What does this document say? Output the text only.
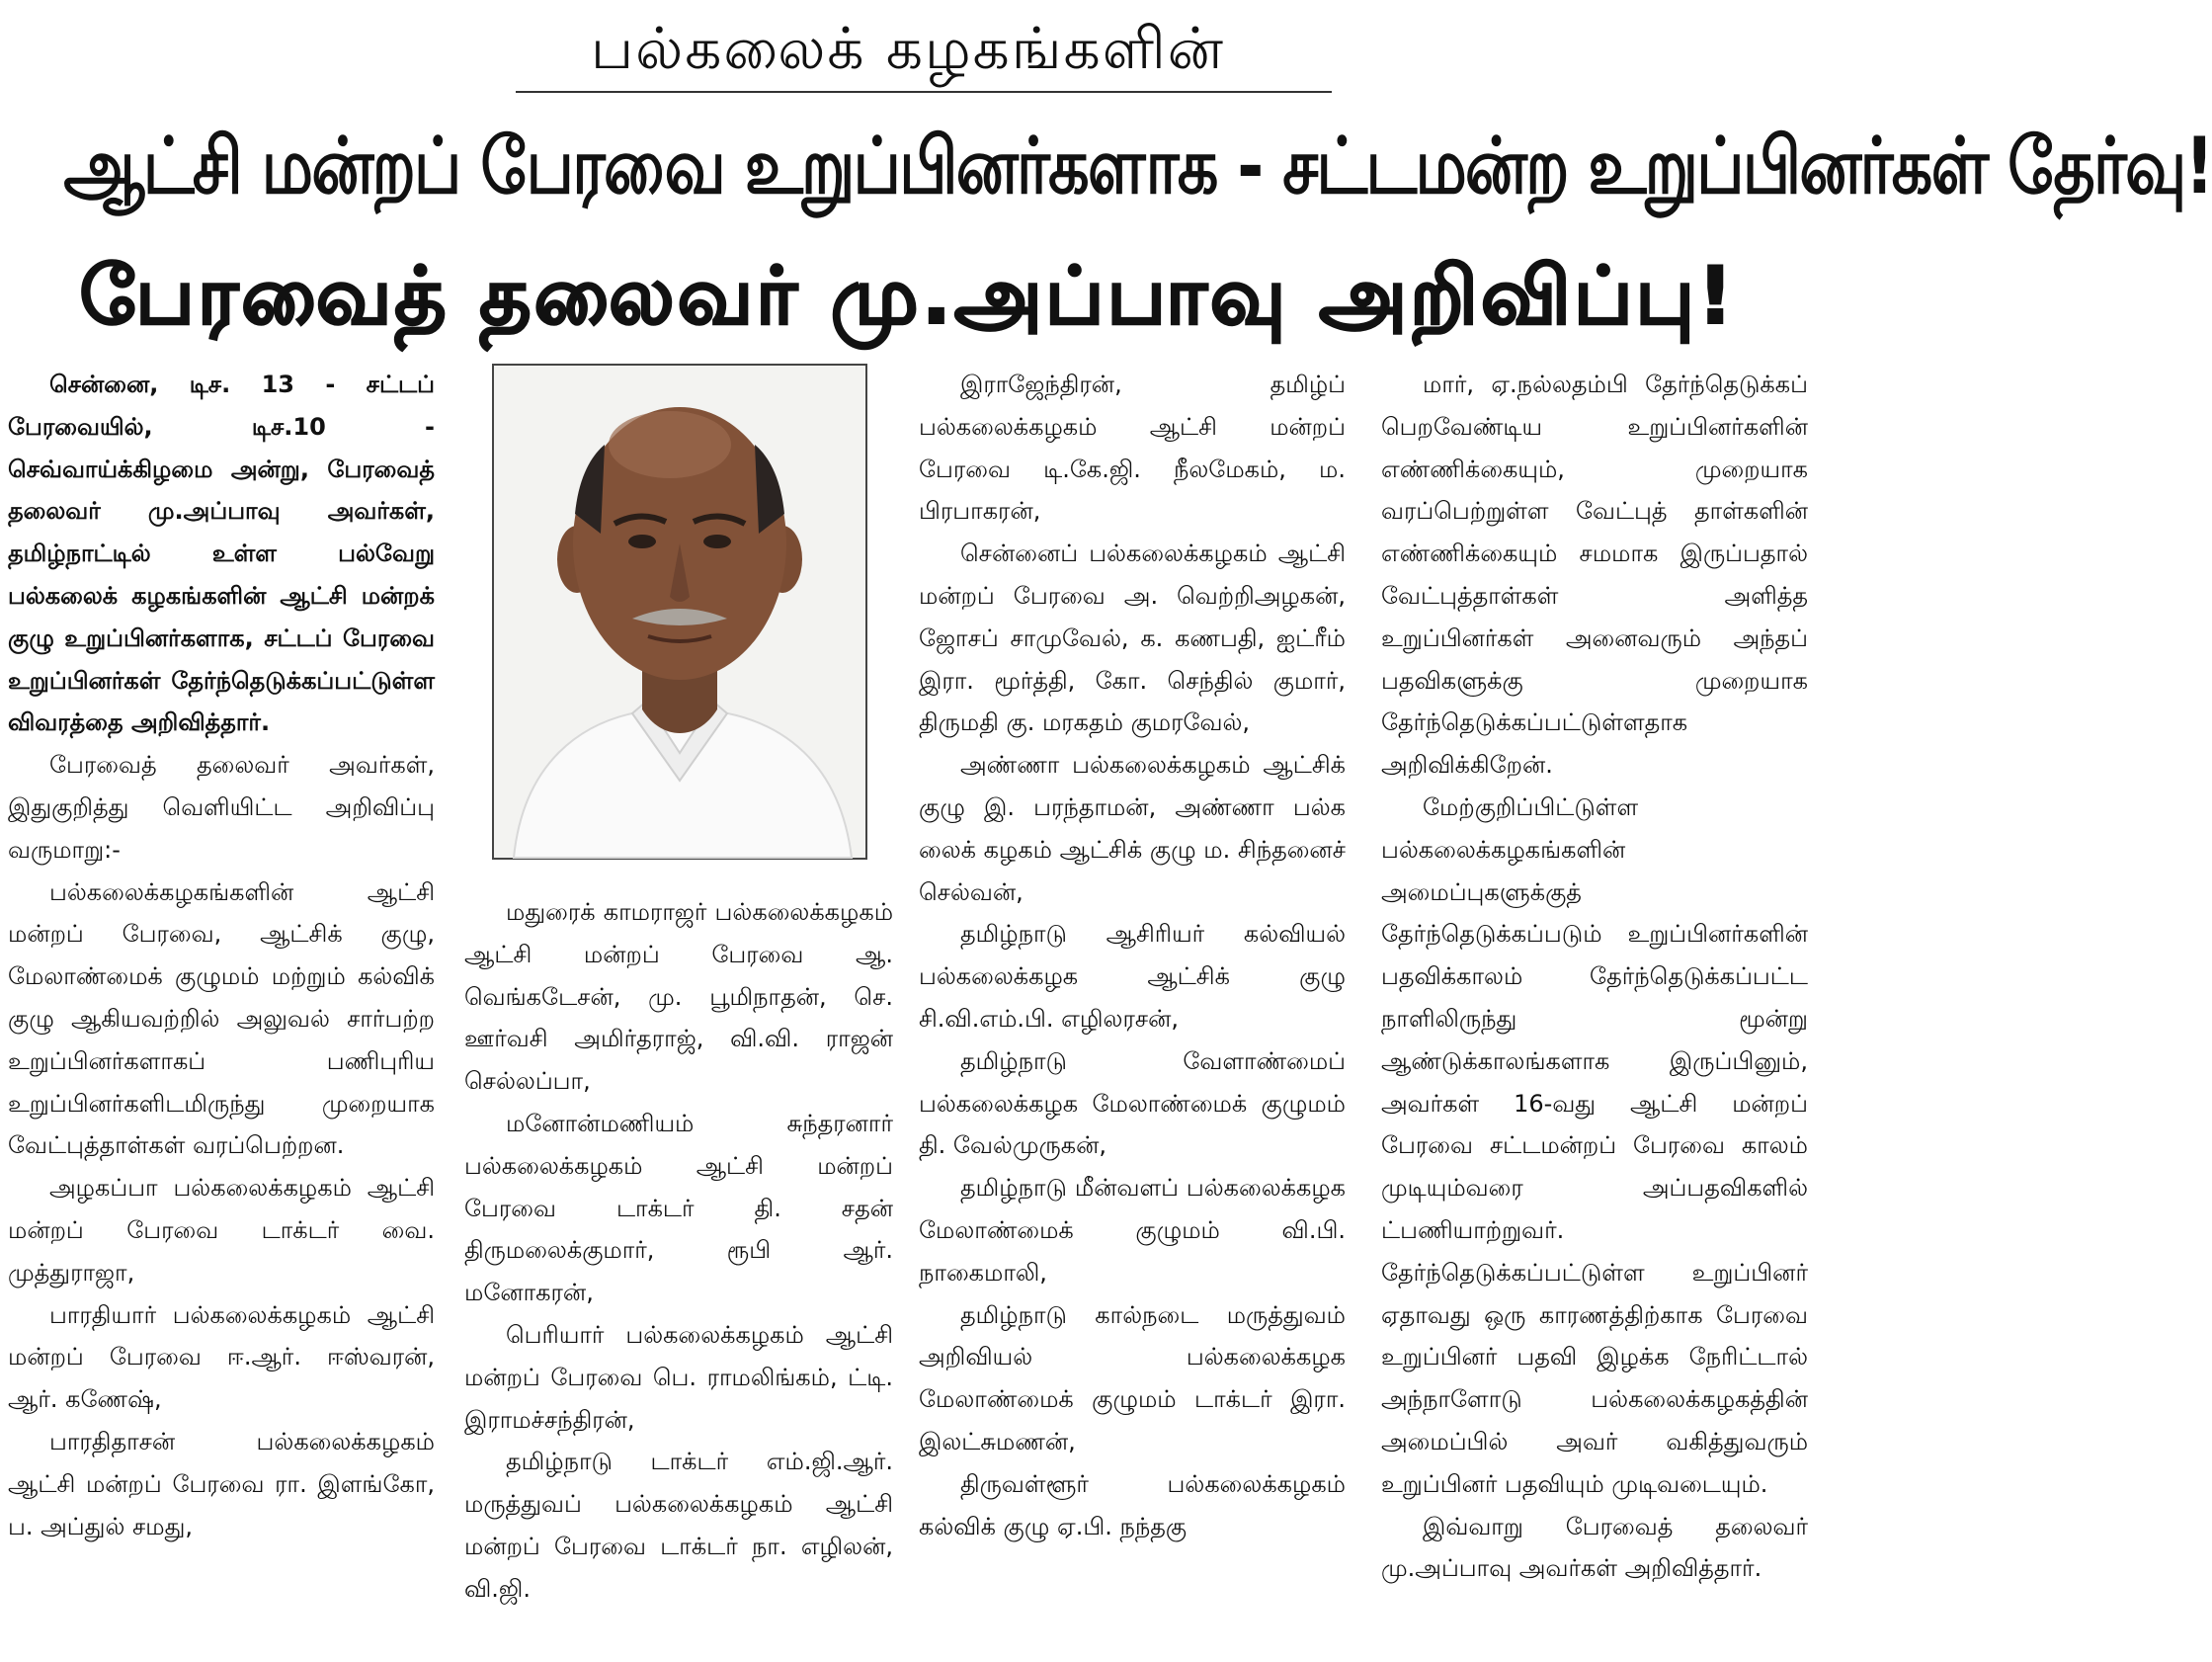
பல்கலைக் கழகங்களின்
ஆட்சி மன்றப் பேரவை உறுப்பினர்களாக - சட்டமன்ற உறுப்பினர்கள் தேர்வு!
பேரவைத் தலைவர் மு.அப்பாவு அறிவிப்பு!

சென்னை, டிச. 13 - சட்டப் பேரவையில், டிச.10 - செவ்வாய்க்கிழமை அன்று, பேரவைத் தலைவர் மு.அப்பாவு அவர்கள், தமிழ்நாட்டில் உள்ள பல்வேறு பல்கலைக் கழகங்களின் ஆட்சி மன்றக் குழு உறுப்பினர்களாக, சட்டப் பேரவை உறுப்பினர்கள் தேர்ந்தெடுக்கப்பட்டுள்ள விவரத்தை அறிவித்தார்.

பேரவைத் தலைவர் அவர்கள், இதுகுறித்து வெளியிட்ட அறிவிப்பு வருமாறு:-

பல்கலைக்கழகங்களின் ஆட்சி மன்றப் பேரவை, ஆட்சிக் குழு, மேலாண்மைக் குழுமம் மற்றும் கல்விக் குழு ஆகியவற்றில் அலுவல் சார்பற்ற உறுப்பினர்களாகப் பணிபுரிய உறுப்பினர்களிடமிருந்து முறையாக வேட்புத்தாள்கள் வரப்பெற்றன.

அழகப்பா பல்கலைக்கழகம் ஆட்சி மன்றப் பேரவை டாக்டர் வை. முத்துராஜா,

பாரதியார் பல்கலைக்கழகம் ஆட்சி மன்றப் பேரவை ஈ.ஆர். ஈஸ்வரன், ஆர். கணேஷ்,

பாரதிதாசன் பல்கலைக்கழகம் ஆட்சி மன்றப் பேரவை ரா. இளங்கோ, ப. அப்துல் சமது,

மதுரைக் காமராஜர் பல்கலைக்கழகம் ஆட்சி மன்றப் பேரவை ஆ. வெங்கடேசன், மு. பூமிநாதன், செ. ஊர்வசி அமிர்தராஜ், வி.வி. ராஜன் செல்லப்பா,

மனோன்மணியம் சுந்தரனார் பல்கலைக்கழகம் ஆட்சி மன்றப் பேரவை டாக்டர் தி. சதன் திருமலைக்குமார், ரூபி ஆர். மனோகரன்,

பெரியார் பல்கலைக்கழகம் ஆட்சி மன்றப் பேரவை பெ. ராமலிங்கம், ட்டி. இராமச்சந்திரன்,

தமிழ்நாடு டாக்டர் எம்.ஜி.ஆர். மருத்துவப் பல்கலைக்கழகம் ஆட்சி மன்றப் பேரவை டாக்டர் நா. எழிலன், வி.ஜி.

இராஜேந்திரன், தமிழ்ப் பல்கலைக்கழகம் ஆட்சி மன்றப் பேரவை டி.கே.ஜி. நீலமேகம், ம. பிரபாகரன்,

சென்னைப் பல்கலைக்கழகம் ஆட்சி மன்றப் பேரவை அ. வெற்றிஅழகன், ஜோசப் சாமுவேல், க. கணபதி, ஐட்ரீம் இரா. மூர்த்தி, கோ. செந்தில் குமார், திருமதி கு. மரகதம் குமரவேல்,

அண்ணா பல்கலைக்கழகம் ஆட்சிக் குழு இ. பரந்தாமன், அண்ணா பல்க லைக் கழகம் ஆட்சிக் குழு ம. சிந்தனைச் செல்வன்,

தமிழ்நாடு ஆசிரியர் கல்வியல் பல்கலைக்கழக ஆட்சிக் குழு சி.வி.எம்.பி. எழிலரசன்,

தமிழ்நாடு வேளாண்மைப் பல்கலைக்கழக மேலாண்மைக் குழுமம் தி. வேல்முருகன்,

தமிழ்நாடு மீன்வளப் பல்கலைக்கழக மேலாண்மைக் குழுமம் வி.பி. நாகைமாலி,

தமிழ்நாடு கால்நடை மருத்துவம் அறிவியல் பல்கலைக்கழக மேலாண்மைக் குழுமம் டாக்டர் இரா. இலட்சுமணன்,

திருவள்ளூர் பல்கலைக்கழகம் கல்விக் குழு ஏ.பி. நந்தகு

மார், ஏ.நல்லதம்பி தேர்ந்தெடுக்கப் பெறவேண்டிய உறுப்பினர்களின் எண்ணிக்கையும், முறையாக வரப்பெற்றுள்ள வேட்புத் தாள்களின் எண்ணிக்கையும் சமமாக இருப்பதால் வேட்புத்தாள்கள் அளித்த உறுப்பினர்கள் அனைவரும் அந்தப் பதவிகளுக்கு முறையாக தேர்ந்தெடுக்கப்பட்டுள்ளதாக அறிவிக்கிறேன்.

மேற்குறிப்பிட்டுள்ள பல்கலைக்கழகங்களின் அமைப்புகளுக்குத் தேர்ந்தெடுக்கப்படும் உறுப்பினர்களின் பதவிக்காலம் தேர்ந்தெடுக்கப்பட்ட நாளிலிருந்து மூன்று ஆண்டுக்காலங்களாக இருப்பினும், அவர்கள் 16-வது ஆட்சி மன்றப் பேரவை சட்டமன்றப் பேரவை காலம் முடியும்வரை அப்பதவிகளில் ட்பணியாற்றுவர். தேர்ந்தெடுக்கப்பட்டுள்ள உறுப்பினர் ஏதாவது ஒரு காரணத்திற்காக பேரவை உறுப்பினர் பதவி இழக்க நேரிட்டால் அந்நாளோடு பல்கலைக்கழகத்தின் அமைப்பில் அவர் வகித்துவரும் உறுப்பினர் பதவியும் முடிவடையும்.

இவ்வாறு பேரவைத் தலைவர் மு.அப்பாவு அவர்கள் அறிவித்தார்.
